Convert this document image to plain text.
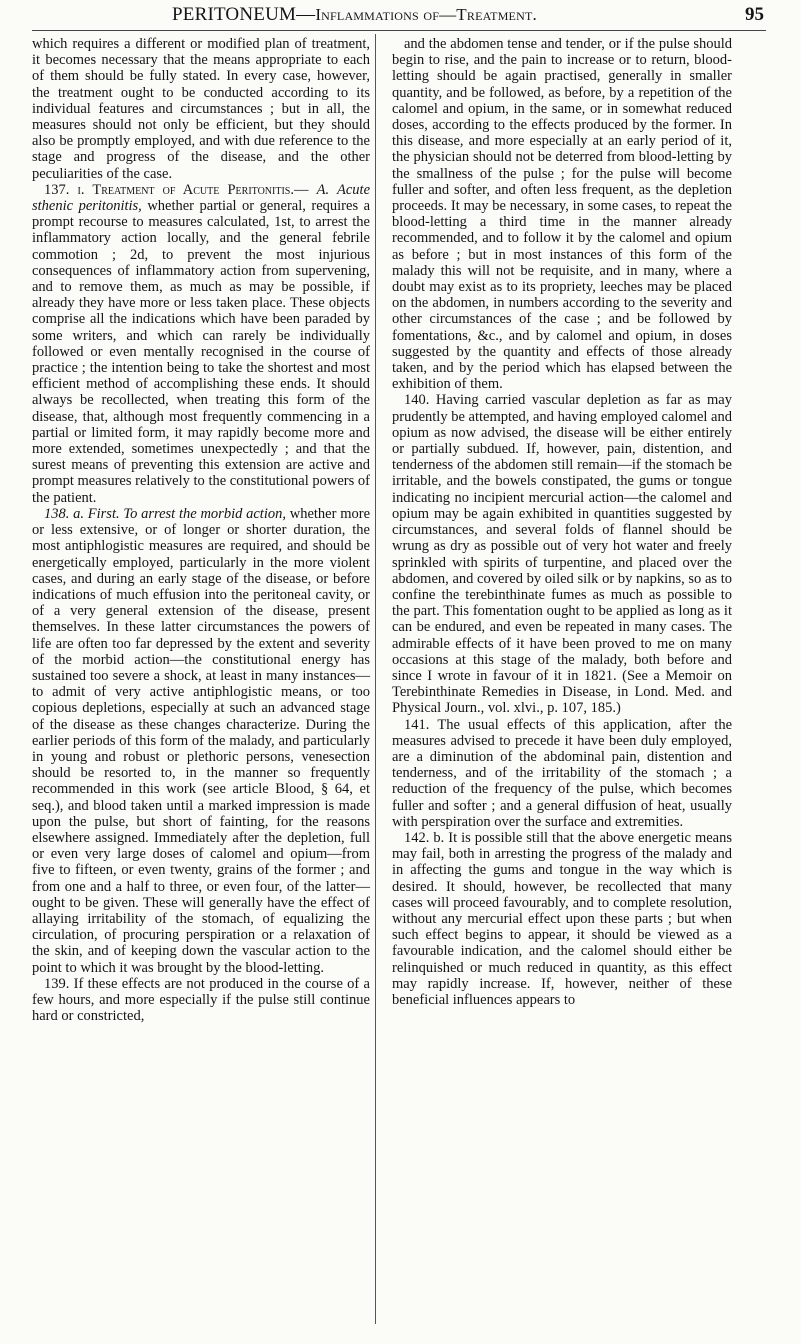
PERITONEUM—Inflammations of—Treatment.	95

which requires a different or modified plan of treatment, it becomes necessary that the means appropriate to each of them should be fully stated. In every case, however, the treatment ought to be conducted according to its individual features and circumstances ; but in all, the measures should not only be efficient, but they should also be promptly employed, and with due reference to the stage and progress of the disease, and the other peculiarities of the case.

137. i. Treatment of Acute Peritonitis.— A. Acute sthenic peritonitis, whether partial or general, requires a prompt recourse to measures calculated, 1st, to arrest the inflammatory action locally, and the general febrile commotion ; 2d, to prevent the most injurious consequences of inflammatory action from supervening, and to remove them, as much as may be possible, if already they have more or less taken place. These objects comprise all the indications which have been paraded by some writers, and which can rarely be individually followed or even mentally recognised in the course of practice ; the intention being to take the shortest and most efficient method of accomplishing these ends. It should always be recollected, when treating this form of the disease, that, although most frequently commencing in a partial or limited form, it may rapidly become more and more extended, sometimes unexpectedly ; and that the surest means of preventing this extension are active and prompt measures relatively to the constitutional powers of the patient.

138. a. First. To arrest the morbid action, whether more or less extensive, or of longer or shorter duration, the most antiphlogistic measures are required, and should be energetically employed, particularly in the more violent cases, and during an early stage of the disease, or before indications of much effusion into the peritoneal cavity, or of a very general extension of the disease, present themselves. In these latter circumstances the powers of life are often too far depressed by the extent and severity of the morbid action—the constitutional energy has sustained too severe a shock, at least in many instances—to admit of very active antiphlogistic means, or too copious depletions, especially at such an advanced stage of the disease as these changes characterize. During the earlier periods of this form of the malady, and particularly in young and robust or plethoric persons, venesection should be resorted to, in the manner so frequently recommended in this work (see article Blood, § 64, et seq.), and blood taken until a marked impression is made upon the pulse, but short of fainting, for the reasons elsewhere assigned. Immediately after the depletion, full or even very large doses of calomel and opium—from five to fifteen, or even twenty, grains of the former ; and from one and a half to three, or even four, of the latter—ought to be given. These will generally have the effect of allaying irritability of the stomach, of equalizing the circulation, of procuring perspiration or a relaxation of the skin, and of keeping down the vascular action to the point to which it was brought by the blood-letting.

139. If these effects are not produced in the course of a few hours, and more especially if the pulse still continue hard or constricted,

and the abdomen tense and tender, or if the pulse should begin to rise, and the pain to increase or to return, blood-letting should be again practised, generally in smaller quantity, and be followed, as before, by a repetition of the calomel and opium, in the same, or in somewhat reduced doses, according to the effects produced by the former. In this disease, and more especially at an early period of it, the physician should not be deterred from blood-letting by the smallness of the pulse ; for the pulse will become fuller and softer, and often less frequent, as the depletion proceeds. It may be necessary, in some cases, to repeat the blood-letting a third time in the manner already recommended, and to follow it by the calomel and opium as before ; but in most instances of this form of the malady this will not be requisite, and in many, where a doubt may exist as to its propriety, leeches may be placed on the abdomen, in numbers according to the severity and other circumstances of the case ; and be followed by fomentations, &c., and by calomel and opium, in doses suggested by the quantity and effects of those already taken, and by the period which has elapsed between the exhibition of them.

140. Having carried vascular depletion as far as may prudently be attempted, and having employed calomel and opium as now advised, the disease will be either entirely or partially subdued. If, however, pain, distention, and tenderness of the abdomen still remain—if the stomach be irritable, and the bowels constipated, the gums or tongue indicating no incipient mercurial action—the calomel and opium may be again exhibited in quantities suggested by circumstances, and several folds of flannel should be wrung as dry as possible out of very hot water and freely sprinkled with spirits of turpentine, and placed over the abdomen, and covered by oiled silk or by napkins, so as to confine the terebinthinate fumes as much as possible to the part. This fomentation ought to be applied as long as it can be endured, and even be repeated in many cases. The admirable effects of it have been proved to me on many occasions at this stage of the malady, both before and since I wrote in favour of it in 1821. (See a Memoir on Terebinthinate Remedies in Disease, in Lond. Med. and Physical Journ., vol. xlvi., p. 107, 185.)

141. The usual effects of this application, after the measures advised to precede it have been duly employed, are a diminution of the abdominal pain, distention and tenderness, and of the irritability of the stomach ; a reduction of the frequency of the pulse, which becomes fuller and softer ; and a general diffusion of heat, usually with perspiration over the surface and extremities.

142. b. It is possible still that the above energetic means may fail, both in arresting the progress of the malady and in affecting the gums and tongue in the way which is desired. It should, however, be recollected that many cases will proceed favourably, and to complete resolution, without any mercurial effect upon these parts ; but when such effect begins to appear, it should be viewed as a favourable indication, and the calomel should either be relinquished or much reduced in quantity, as this effect may rapidly increase. If, however, neither of these beneficial influences appears to
